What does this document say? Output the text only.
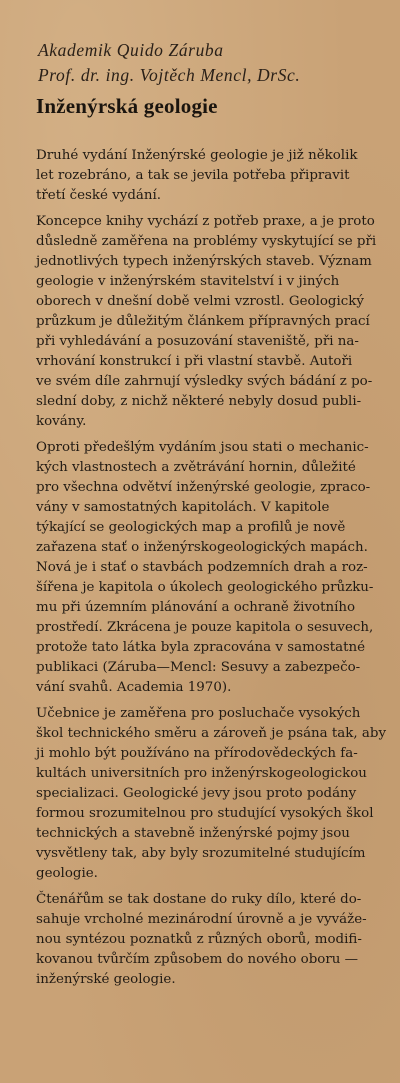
Akademik Quido Záruba
Prof. dr. ing. Vojtěch Mencl, DrSc.
Inženýrská geologie
Druhé vydání Inženýrské geologie je již několik
let rozebráno, a tak se jevila potřeba připravit
třetí české vydání.
Koncepce knihy vychází z potřeb praxe, a je proto
důsledně zaměřena na problémy vyskytující se při
jednotlivých typech inženýrských staveb. Význam
geologie v inženýrském stavitelství i v jiných
oborech v dnešní době velmi vzrostl. Geologický
průzkum je důležitým článkem přípravných prací
při vyhledávání a posuzování staveniště, při na-
vrhování konstrukcí i při vlastní stavbě. Autoři
ve svém díle zahrnují výsledky svých bádání z po-
slední doby, z nichž některé nebyly dosud publi-
kovány.
Oproti předešlým vydáním jsou stati o mechanic-
kých vlastnostech a zvětrávání hornin, důležité
pro všechna odvětví inženýrské geologie, zpraco-
vány v samostatných kapitolách. V kapitole
týkající se geologických map a profilů je nově
zařazena stať o inženýrskogeologických mapách.
Nová je i stať o stavbách podzemních drah a roz-
šířena je kapitola o úkolech geologického průzku-
mu při územním plánování a ochraně životního
prostředí. Zkrácena je pouze kapitola o sesuvech,
protože tato látka byla zpracována v samostatné
publikaci (Záruba—Mencl: Sesuvy a zabezpečo-
vání svahů. Academia 1970).
Učebnice je zaměřena pro posluchače vysokých
škol technického směru a zároveň je psána tak, aby
ji mohlo být používáno na přírodovědeckých fa-
kultách universitních pro inženýrskogeologickou
specializaci. Geologické jevy jsou proto podány
formou srozumitelnou pro studující vysokých škol
technických a stavebně inženýrské pojmy jsou
vysvětleny tak, aby byly srozumitelné studujícím
geologie.
Čtenářům se tak dostane do ruky dílo, které do-
sahuje vrcholné mezinárodní úrovně a je vyváže-
nou syntézou poznatků z různých oborů, modifi-
kovanou tvůrčím způsobem do nového oboru —
inženýrské geologie.
